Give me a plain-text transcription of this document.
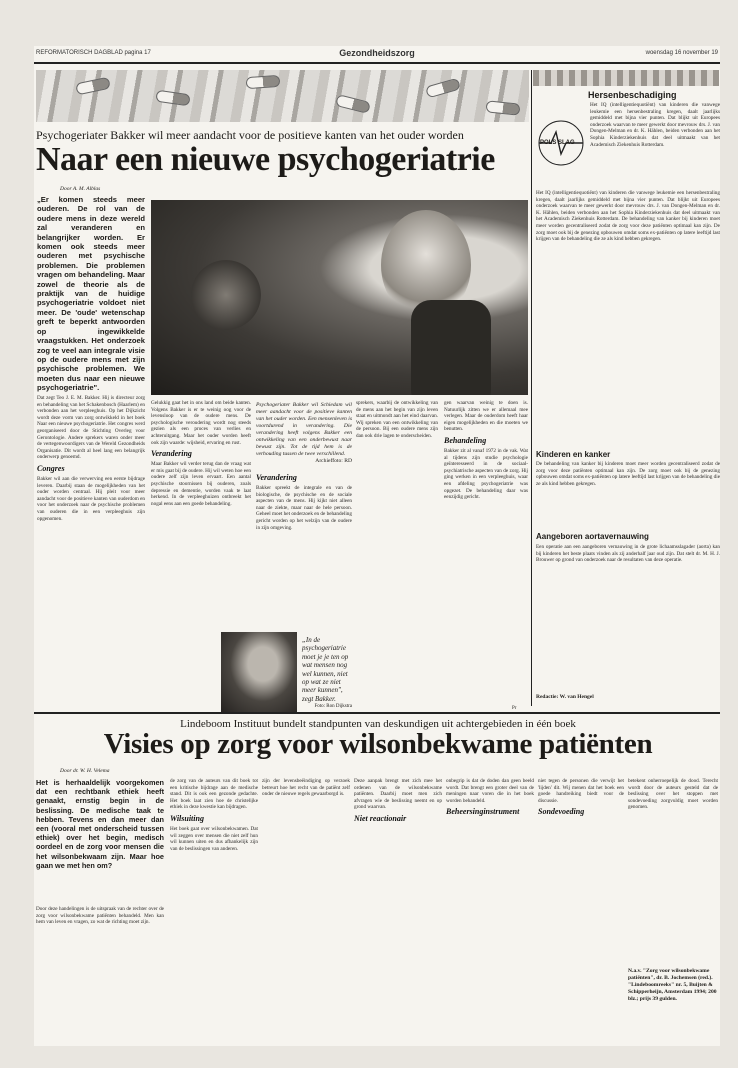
REFORMATORISCH DAGBLAD pagina 17	Gezondheidszorg	woensdag 16 november 19
Psychogeriater Bakker wil meer aandacht voor de positieve kanten van het ouder worden
Naar een nieuwe psychogeriatrie
Door A. M. Alblas
„Er komen steeds meer ouderen. De rol van de oudere mens in deze wereld zal veranderen en belangrijker worden. Er komen ook steeds meer ouderen met psychische problemen. Die problemen vragen om behandeling. Maar zowel de theorie als de praktijk van de huidige psychogeriatrie voldoet niet meer. De 'oude' wetenschap greft te beperkt antwoorden op ingewikkelde vraagstukken. Het onderzoek zog te veel aan integrale visie op de oudere mens met zijn psychische problemen. We moeten dus naar een nieuwe psychogeriatrie".
Dat zegt Teo J. E. M. Bakker. Hij is directeur zorg en behandeling van het Schakenbosch (Haarlem) en verbonden aan het verpleeghuis. Op het Dijkzicht wordt deze vorm van zorg ontwikkeld in het boek Naar een nieuwe psychogeriatrie. Het congres werd georganiseerd door de Stichting Overleg voor Gerontologie. Andere sprekers waren onder meer de vertegenwoordigers van de Wereld Gezondheids Organisatie. Dit wordt al heel lang een belangrijk onderwerp genoemd.
Congres
Bakker wil aan die verwerving een eerste bijdrage leveren. Daarbij staan de mogelijkheden van het ouder worden centraal. Hij pleit voor meer aandacht voor de positieve kanten van ouderdom en voor het onderzoek naar de psychische problemen van ouderen die in een verpleeghuis zijn opgenomen.
Gelukkig gaat het in ons land om beide kanten. Volgens Bakker is er te weinig oog voor de levensloop van de oudere mens. De psychologische veroudering wordt nog steeds gezien als een proces van verlies en achteruitgang. Maar het ouder worden heeft ook zijn waarde: wijsheid, ervaring en rust.
Verandering
Maar Bakker wil verder terug dan de vraag wat er mis gaat bij de oudere. Hij wil weten hoe een oudere zelf zijn leven ervaart. Een aantal psychische stoornissen bij ouderen, zoals depressie en dementie, worden vaak te laat herkend. In de verpleeghuizen ontbreekt het nogal eens aan een goede behandeling.
Psychogeriater Bakker wil Schiedam wil meer aandacht voor de positieve kanten van het ouder worden. Een mensenleven is voortdurend in verandering. Die verandering heeft volgens Bakker een ontwikkeling van een onderbewust naar bewust zijn. Tot de tijd hem is de verhouding tussen de twee verschillend.
Archieffoto: RD
Verandering
Bakker spreekt de integrale en van de biologische, de psychische en de sociale aspecten van de mens. Hij kijkt niet alleen naar de ziekte, maar naar de hele persoon. Geheel moet het onderzoek en de behandeling gericht worden op het welzijn van de oudere in zijn omgeving.
„In de psychogeriatrie moet je je ten op wat mensen nog wel kunnen, niet op wat ze niet meer kunnen", zegt Bakker.
Foto: Ron Dijkstra
sprekers, waarbij de ontwikkeling van de mens aan het begin van zijn leven staat en uitmondt aan het eind daarvan. Wij spreken van een ontwikkeling van de persoon. Bij een oudere mens zijn dan ook drie lagen te onderscheiden.
gen waarvan weinig te doen is. Natuurlijk zitten we er allemaal mee verlegen. Maar de ouderdom heeft haar eigen mogelijkheden en die moeten we benutten.
Behandeling
Bakker zit al vanaf 1972 in de vak. Wat al tijdens zijn studie psychologie geïnteresseerd in de sociaal-psychiatrische aspecten van de zorg. Hij ging werken in een verpleeghuis, waar een afdeling psychogeriatrie was opgezet. De behandeling daar was eenzijdig gericht.
Pr
Hersenbeschadiging
POLS SLAG
Het IQ (intelligentiequotiënt) van kinderen die vanwege leukemie een hersenbestraling kregen, daalt jaarlijks gemiddeld met bijna vier punten. Dat blijkt uit Europees onderzoek waarvan te meer gewerkt door mevrouw drs. J. van Dongen-Melman en dr. K. Hählen, beiden verbonden aan het Sophia Kinderziekenhuis dat deel uitmaakt van het Academisch Ziekenhuis Rotterdam.
Het IQ (intelligentiequotiënt) van kinderen die vanwege leukemie een hersenbestraling kregen, daalt jaarlijks gemiddeld met bijna vier punten. Dat blijkt uit Europees onderzoek waarvan te meer gewerkt door mevrouw drs. J. van Dongen-Melman en dr. K. Hählen, beiden verbonden aan het Sophia Kinderziekenhuis dat deel uitmaakt van het Academisch Ziekenhuis Rotterdam. De behandeling van kanker bij kinderen moet meer worden gecentraliseerd zodat de zorg voor deze patiënten optimaal kan zijn. De zorg moet ook bij de genezing opbouwen omdat soms ex-patiënten op latere leeftijd last krijgen van de behandeling die ze als kind hebben gekregen.
Kinderen en kanker
De behandeling van kanker bij kinderen moet meer worden gecentraliseerd zodat de zorg voor deze patiënten optimaal kan zijn. De zorg moet ook bij de genezing opbouwen omdat soms ex-patiënten op latere leeftijd last krijgen van de behandeling die ze als kind hebben gekregen.
Aangeboren aortavernauwing
Een operatie aan een aangeboren vernauwing in de grote lichaamsslagader (aorta) kan bij kinderen het beste plaats vinden als zij anderhalf jaar oud zijn. Dat stelt dr. M. H. J. Brouwer op grond van onderzoek naar de resultaten van deze operatie.
Redactie: W. van Hengel
Lindeboom Instituut bundelt standpunten van deskundigen uit achtergebieden in één boek
Visies op zorg voor wilsonbekwame patiënten
Door dr. W. H. Velema
Het is herhaaldelijk voorgekomen dat een rechtbank ethiek heeft genaakt, ernstig begin in de beslissing. De medische taak te hebben. Tevens en dan meer dan een (vooral met onderscheid tussen ethiek) over het begin, medisch oordeel en de zorg voor mensen die het wilsonbekwaam zijn. Maar hoe gaan we met hen om?
Door deze handelingen is de uitspraak van de rechter over de zorg voor wilsonbekwame patiënten behandeld. Men kan hem van leven en vragen, zo wat de richting moet zijn.
de zorg van de auteurs van dit boek tot een kritische bijdrage aan de medische stand. Dit is ook een gezonde gedachte. Het boek laat zien hoe de christelijke ethiek in deze kwestie kan bijdragen.
Wilsuiting
Het boek gaat over wilsonbekwamen. Dat wil zeggen over mensen die niet zelf hun wil kunnen uiten en dus afhankelijk zijn van de beslissingen van anderen.
zijn der levensbeëindiging op verzoek betreurt hoe het recht van de patiënt zelf onder de nieuwe regels gewaarborgd is.
Deze aanpak brengt met zich mee het ordenen van de wilsonbekwame patiënten. Daarbij moet men zich afvragen wie de beslissing neemt en op grond waarvan.
Niet reactionair
onbegrip is dat de doden dan geen beeld wordt. Dat brengt een groter deel van de meningen naar voren die in het boek worden behandeld.
Beheersinginstrument
niet tegen de personen die verwijt het 'lijden' dit. Wij menen dat het boek een goede handreiking biedt voor de discussie.
Sondevoeding
betekent onherroepelijk de dood. Terecht wordt door de auteurs gesteld dat de beslissing over het stoppen met sondevoeding zorgvuldig moet worden genomen.
N.a.v. "Zorg voor wilsonbekwame patiënten", dr. B. Jochemsen (red.). "Lindeboomreeks" nr. 5, Buijten & Schipperheijn, Amsterdam 1994; 200 blz.; prijs 39 gulden.
